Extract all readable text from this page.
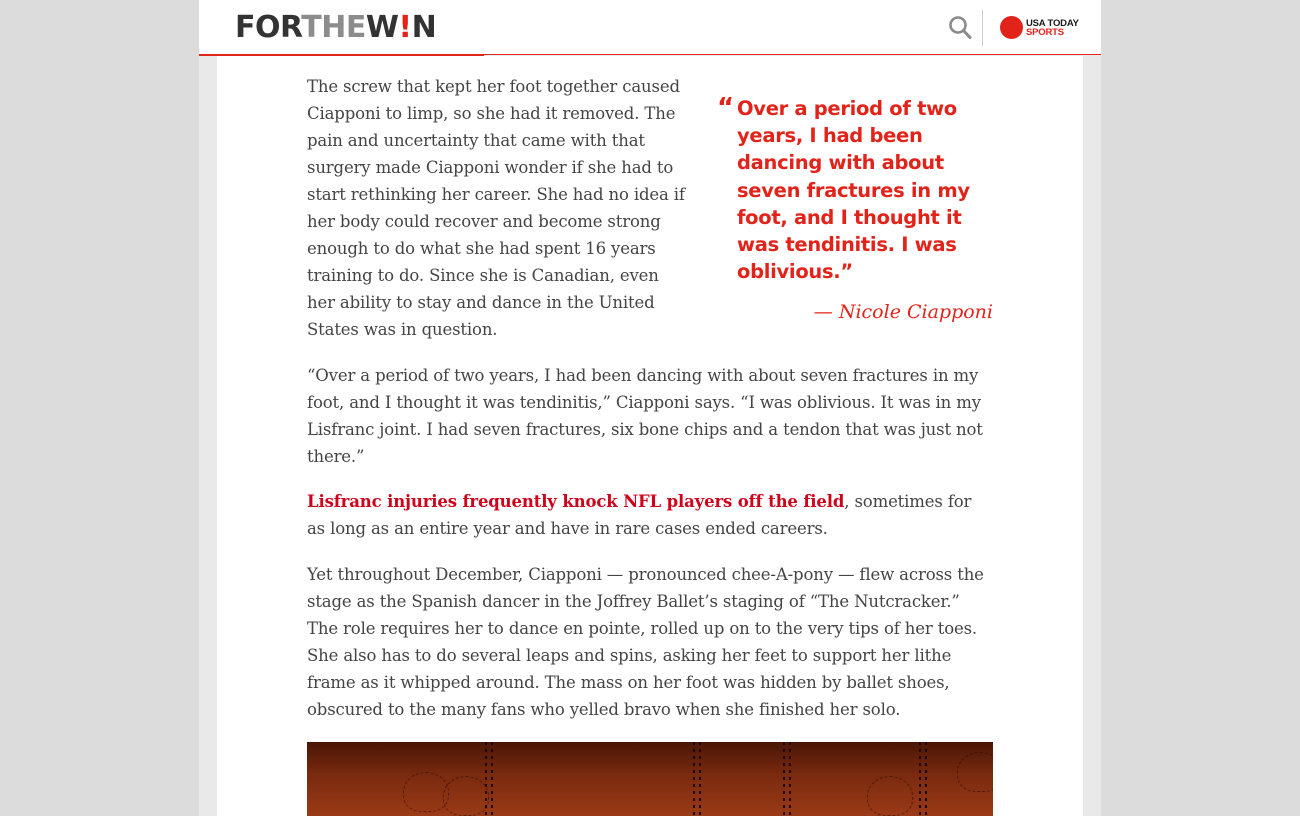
FORTHEW!N	USA TODAY
SPORTS

The screw that kept her foot together caused Ciapponi to limp, so she had it removed. The pain and uncertainty that came with that surgery made Ciapponi wonder if she had to start rethinking her career. She had no idea if her body could recover and become strong enough to do what she had spent 16 years training to do. Since she is Canadian, even her ability to stay and dance in the United States was in question.

“ Over a period of two years, I had been dancing with about seven fractures in my foot, and I thought it was tendinitis. I was oblivious.”
— Nicole Ciapponi

“Over a period of two years, I had been dancing with about seven fractures in my foot, and I thought it was tendinitis,” Ciapponi says. “I was oblivious. It was in my Lisfranc joint. I had seven fractures, six bone chips and a tendon that was just not there.”

Lisfranc injuries frequently knock NFL players off the field, sometimes for as long as an entire year and have in rare cases ended careers.

Yet throughout December, Ciapponi — pronounced chee-A-pony — flew across the stage as the Spanish dancer in the Joffrey Ballet’s staging of “The Nutcracker.” The role requires her to dance en pointe, rolled up on to the very tips of her toes. She also has to do several leaps and spins, asking her feet to support her lithe frame as it whipped around. The mass on her foot was hidden by ballet shoes, obscured to the many fans who yelled bravo when she finished her solo.
